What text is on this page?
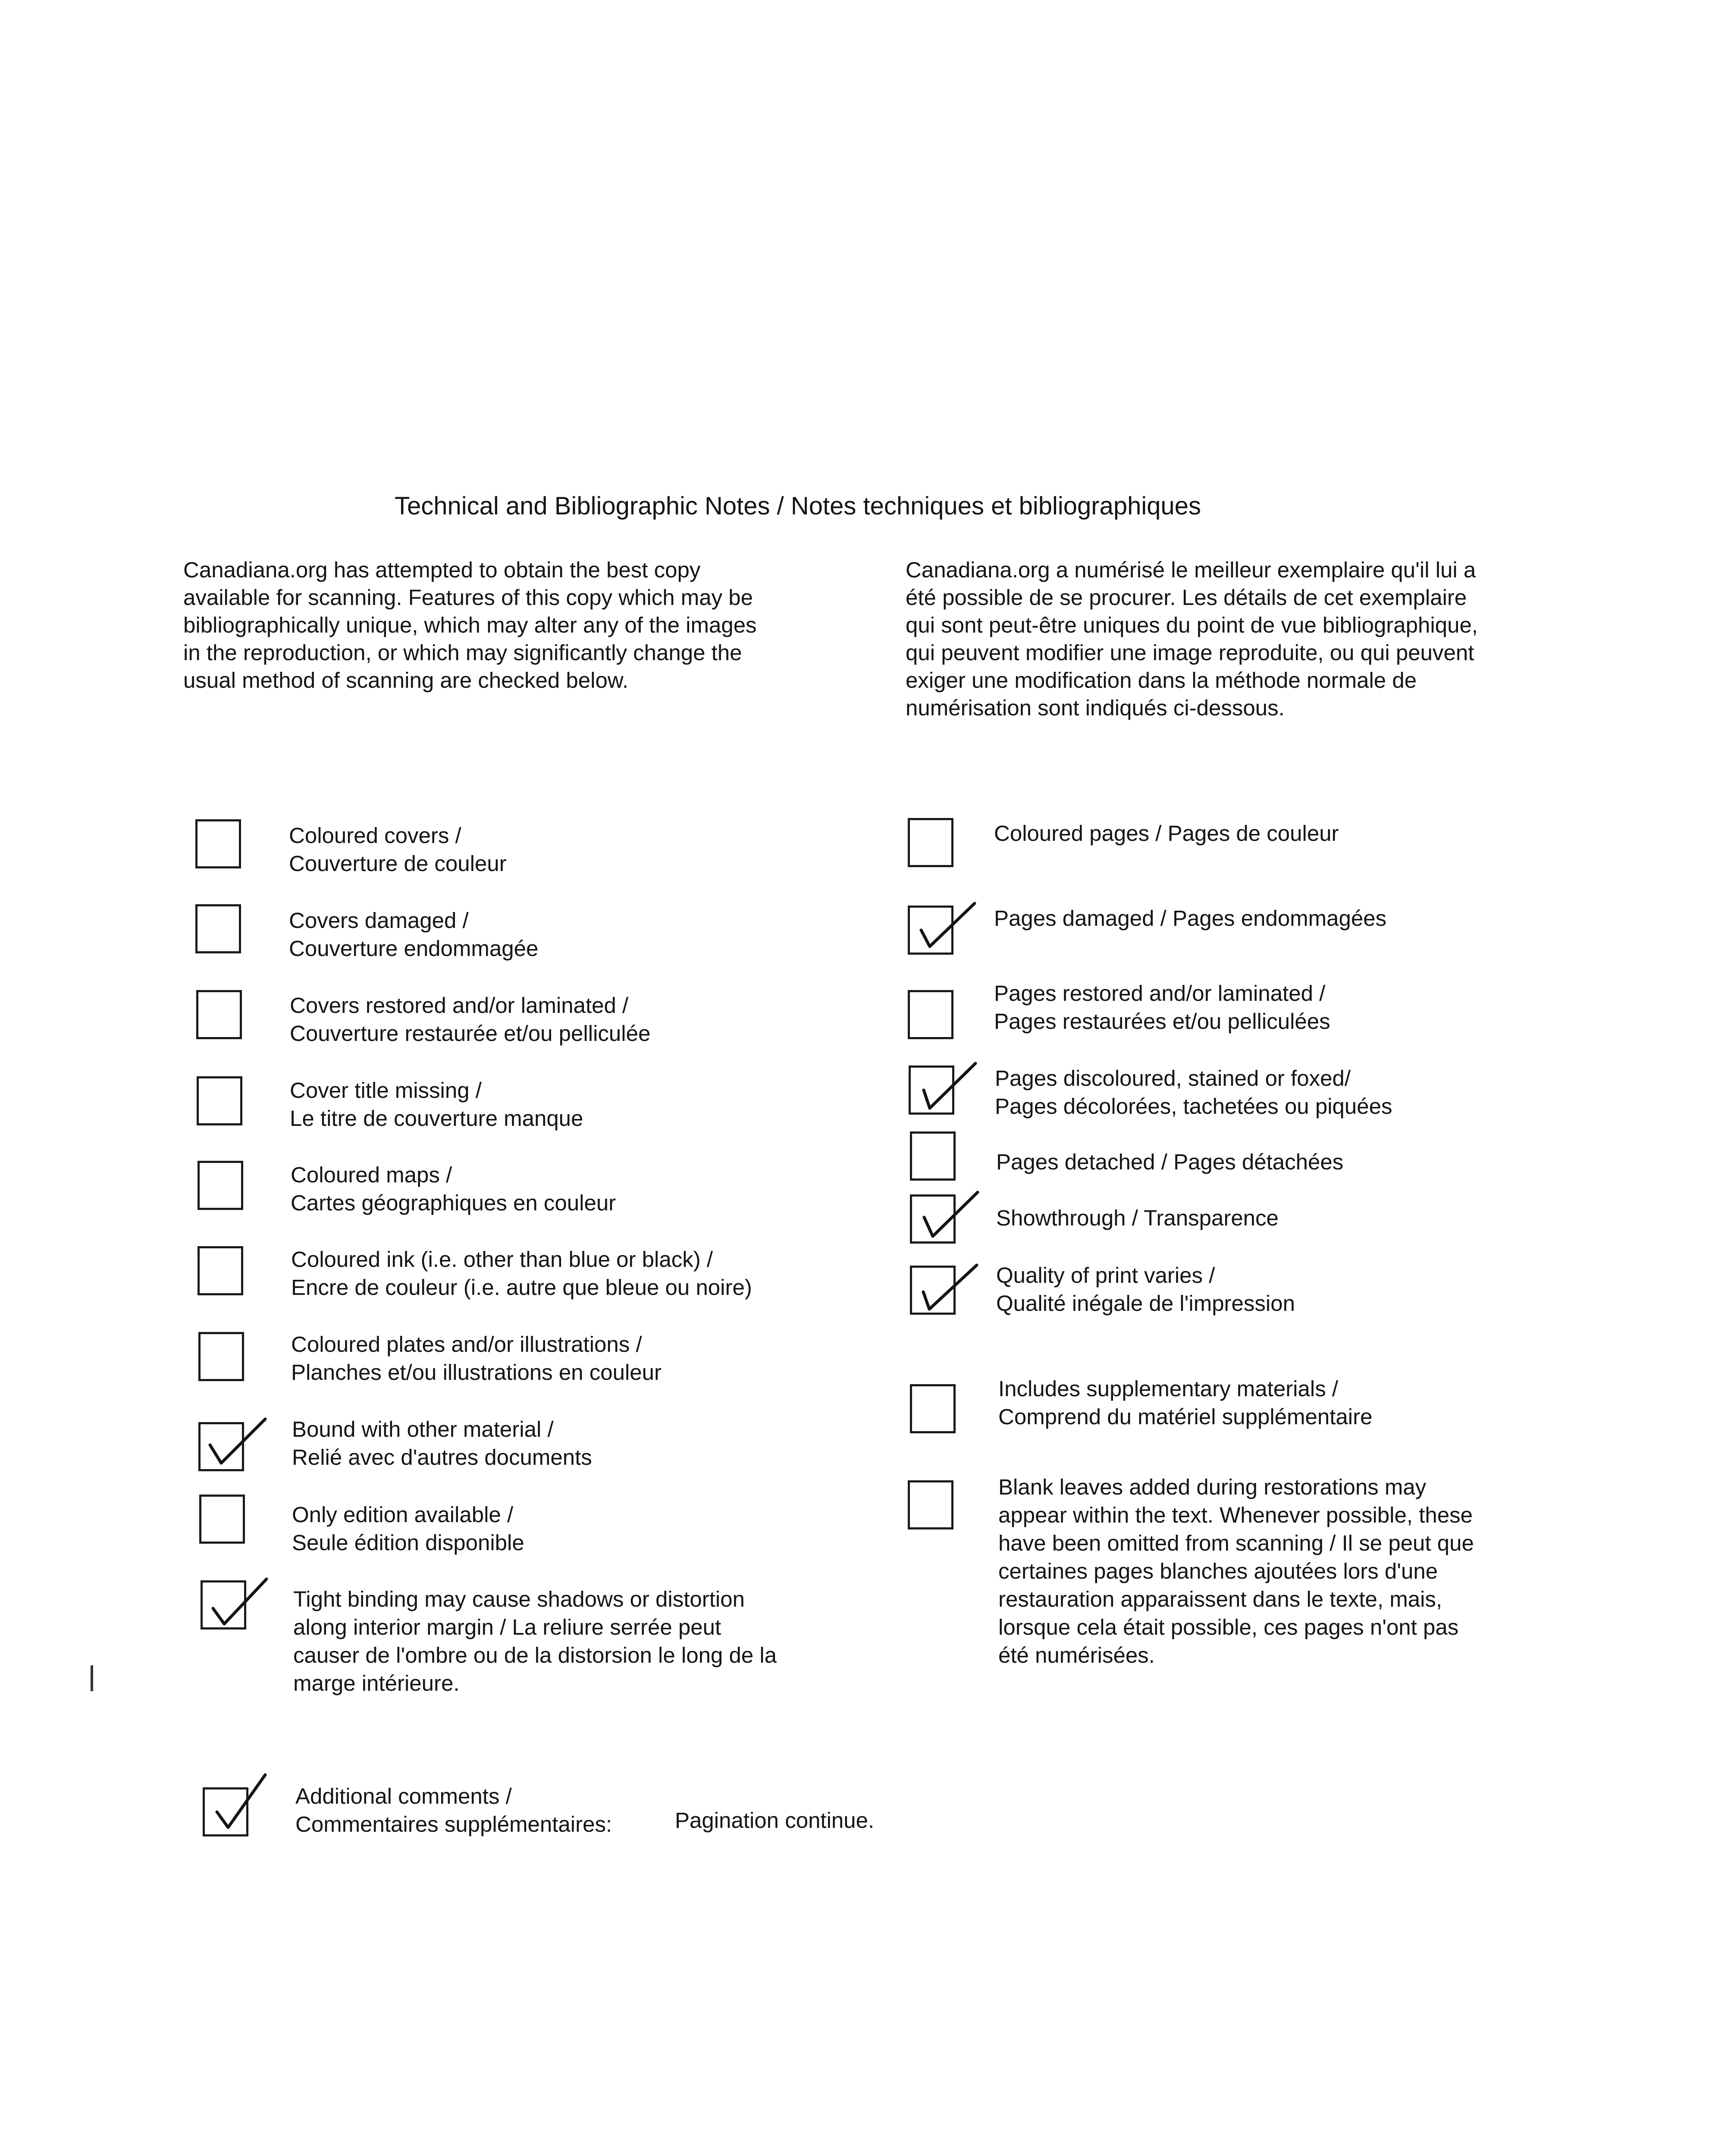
Technical and Bibliographic Notes / Notes techniques et bibliographiques
Canadiana.org has attempted to obtain the best copy
available for scanning. Features of this copy which may be
bibliographically unique, which may alter any of the images
in the reproduction, or which may significantly change the
usual method of scanning are checked below.
Canadiana.org a numérisé le meilleur exemplaire qu'il lui a
été possible de se procurer. Les détails de cet exemplaire
qui sont peut-être uniques du point de vue bibliographique,
qui peuvent modifier une image reproduite, ou qui peuvent
exiger une modification dans la méthode normale de
numérisation sont indiqués ci-dessous.
Coloured covers /
Couverture de couleur
Covers damaged /
Couverture endommagée
Covers restored and/or laminated /
Couverture restaurée et/ou pelliculée
Cover title missing /
Le titre de couverture manque
Coloured maps /
Cartes géographiques en couleur
Coloured ink (i.e. other than blue or black) /
Encre de couleur (i.e. autre que bleue ou noire)
Coloured plates and/or illustrations /
Planches et/ou illustrations en couleur
Bound with other material /
Relié avec d'autres documents
Only edition available /
Seule édition disponible
Tight binding may cause shadows or distortion
along interior margin / La reliure serrée peut
causer de l'ombre ou de la distorsion le long de la
marge intérieure.
Coloured pages / Pages de couleur
Pages damaged / Pages endommagées
Pages restored and/or laminated /
Pages restaurées et/ou pelliculées
Pages discoloured, stained or foxed/
Pages décolorées, tachetées ou piquées
Pages detached / Pages détachées
Showthrough / Transparence
Quality of print varies /
Qualité inégale de l'impression
Includes supplementary materials /
Comprend du matériel supplémentaire
Blank leaves added during restorations may
appear within the text. Whenever possible, these
have been omitted from scanning / Il se peut que
certaines pages blanches ajoutées lors d'une
restauration apparaissent dans le texte, mais,
lorsque cela était possible, ces pages n'ont pas
été numérisées.
Additional comments /
Commentaires supplémentaires:	Pagination continue.
